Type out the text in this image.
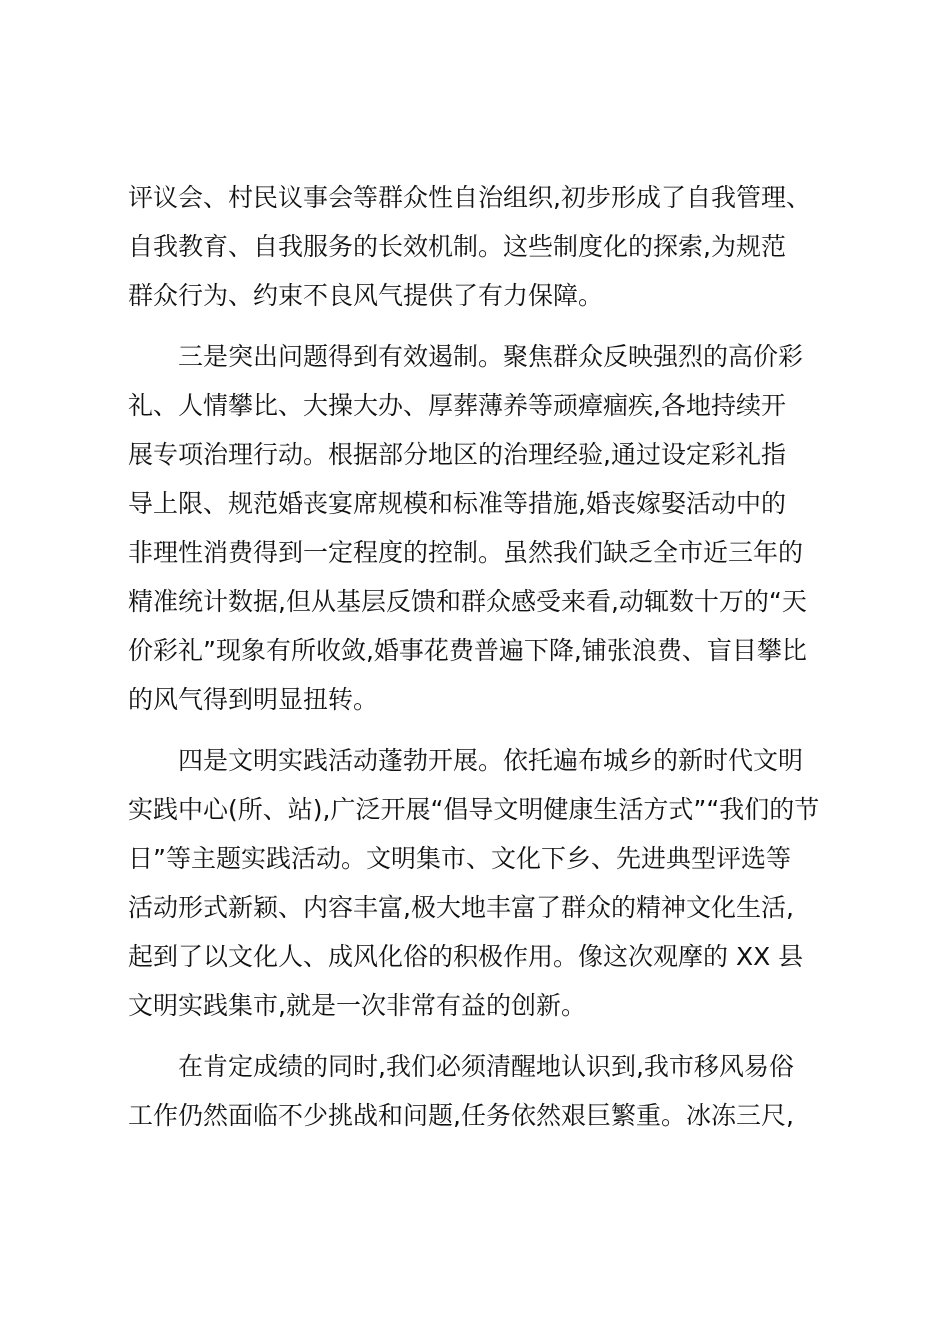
评议会、村民议事会等群众性自治组织,初步形成了自我管理、
自我教育、自我服务的长效机制。这些制度化的探索,为规范
群众行为、约束不良风气提供了有力保障。
三是突出问题得到有效遏制。聚焦群众反映强烈的高价彩
礼、人情攀比、大操大办、厚葬薄养等顽瘴痼疾,各地持续开
展专项治理行动。根据部分地区的治理经验,通过设定彩礼指
导上限、规范婚丧宴席规模和标准等措施,婚丧嫁娶活动中的
非理性消费得到一定程度的控制。虽然我们缺乏全市近三年的
精准统计数据,但从基层反馈和群众感受来看,动辄数十万的“天
价彩礼”现象有所收敛,婚事花费普遍下降,铺张浪费、盲目攀比
的风气得到明显扭转。
四是文明实践活动蓬勃开展。依托遍布城乡的新时代文明
实践中心(所、站),广泛开展“倡导文明健康生活方式”“我们的节
日”等主题实践活动。文明集市、文化下乡、先进典型评选等
活动形式新颖、内容丰富,极大地丰富了群众的精神文化生活,
起到了以文化人、成风化俗的积极作用。像这次观摩的 XX 县
文明实践集市,就是一次非常有益的创新。
在肯定成绩的同时,我们必须清醒地认识到,我市移风易俗
工作仍然面临不少挑战和问题,任务依然艰巨繁重。冰冻三尺,
